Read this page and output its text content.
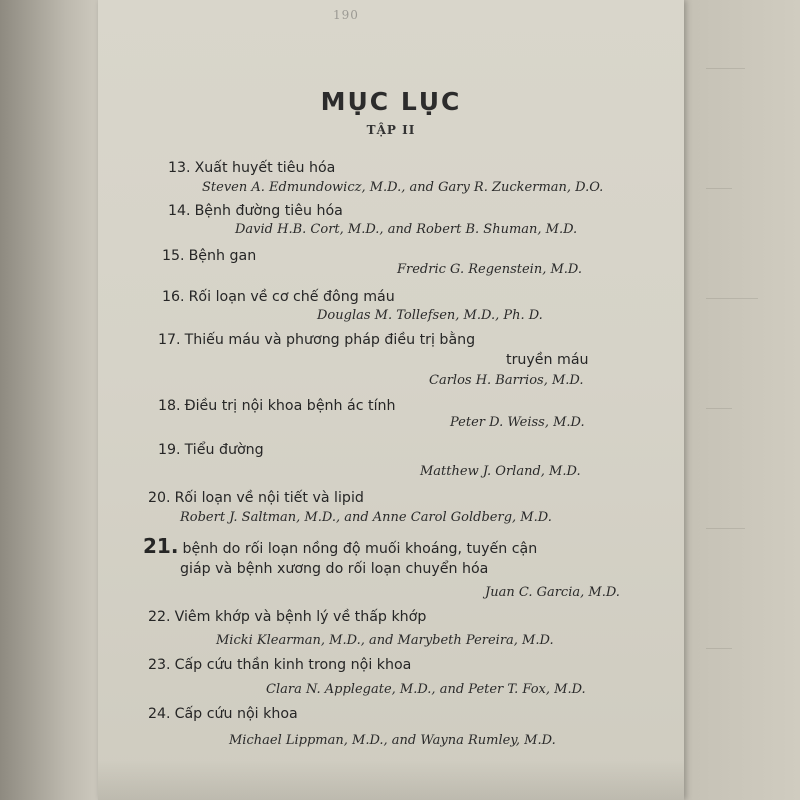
———
——
————
——
———
——
190
MỤC LỤC
TẬP II
13. Xuất huyết tiêu hóa
Steven A. Edmundowicz, M.D., and Gary R. Zuckerman, D.O.
14. Bệnh đường tiêu hóa
David H.B. Cort, M.D., and Robert B. Shuman, M.D.
15. Bệnh gan
Fredric G. Regenstein, M.D.
16. Rối loạn về cơ chế đông máu
Douglas M. Tollefsen, M.D., Ph. D.
17. Thiếu máu và phương pháp điều trị bằng
truyền máu
Carlos H. Barrios, M.D.
18. Điều trị nội khoa bệnh ác tính
Peter D. Weiss, M.D.
19. Tiểu đường
Matthew J. Orland, M.D.
20. Rối loạn về nội tiết và lipid
Robert J. Saltman, M.D., and Anne Carol Goldberg, M.D.
21. bệnh do rối loạn nồng độ muối khoáng, tuyến cận
giáp và bệnh xương do rối loạn chuyển hóa
Juan C. Garcia, M.D.
22. Viêm khớp và bệnh lý về thấp khớp
Micki Klearman, M.D., and Marybeth Pereira, M.D.
23. Cấp cứu thần kinh trong nội khoa
Clara N. Applegate, M.D., and Peter T. Fox, M.D.
24. Cấp cứu nội khoa
Michael Lippman, M.D., and Wayna Rumley, M.D.
